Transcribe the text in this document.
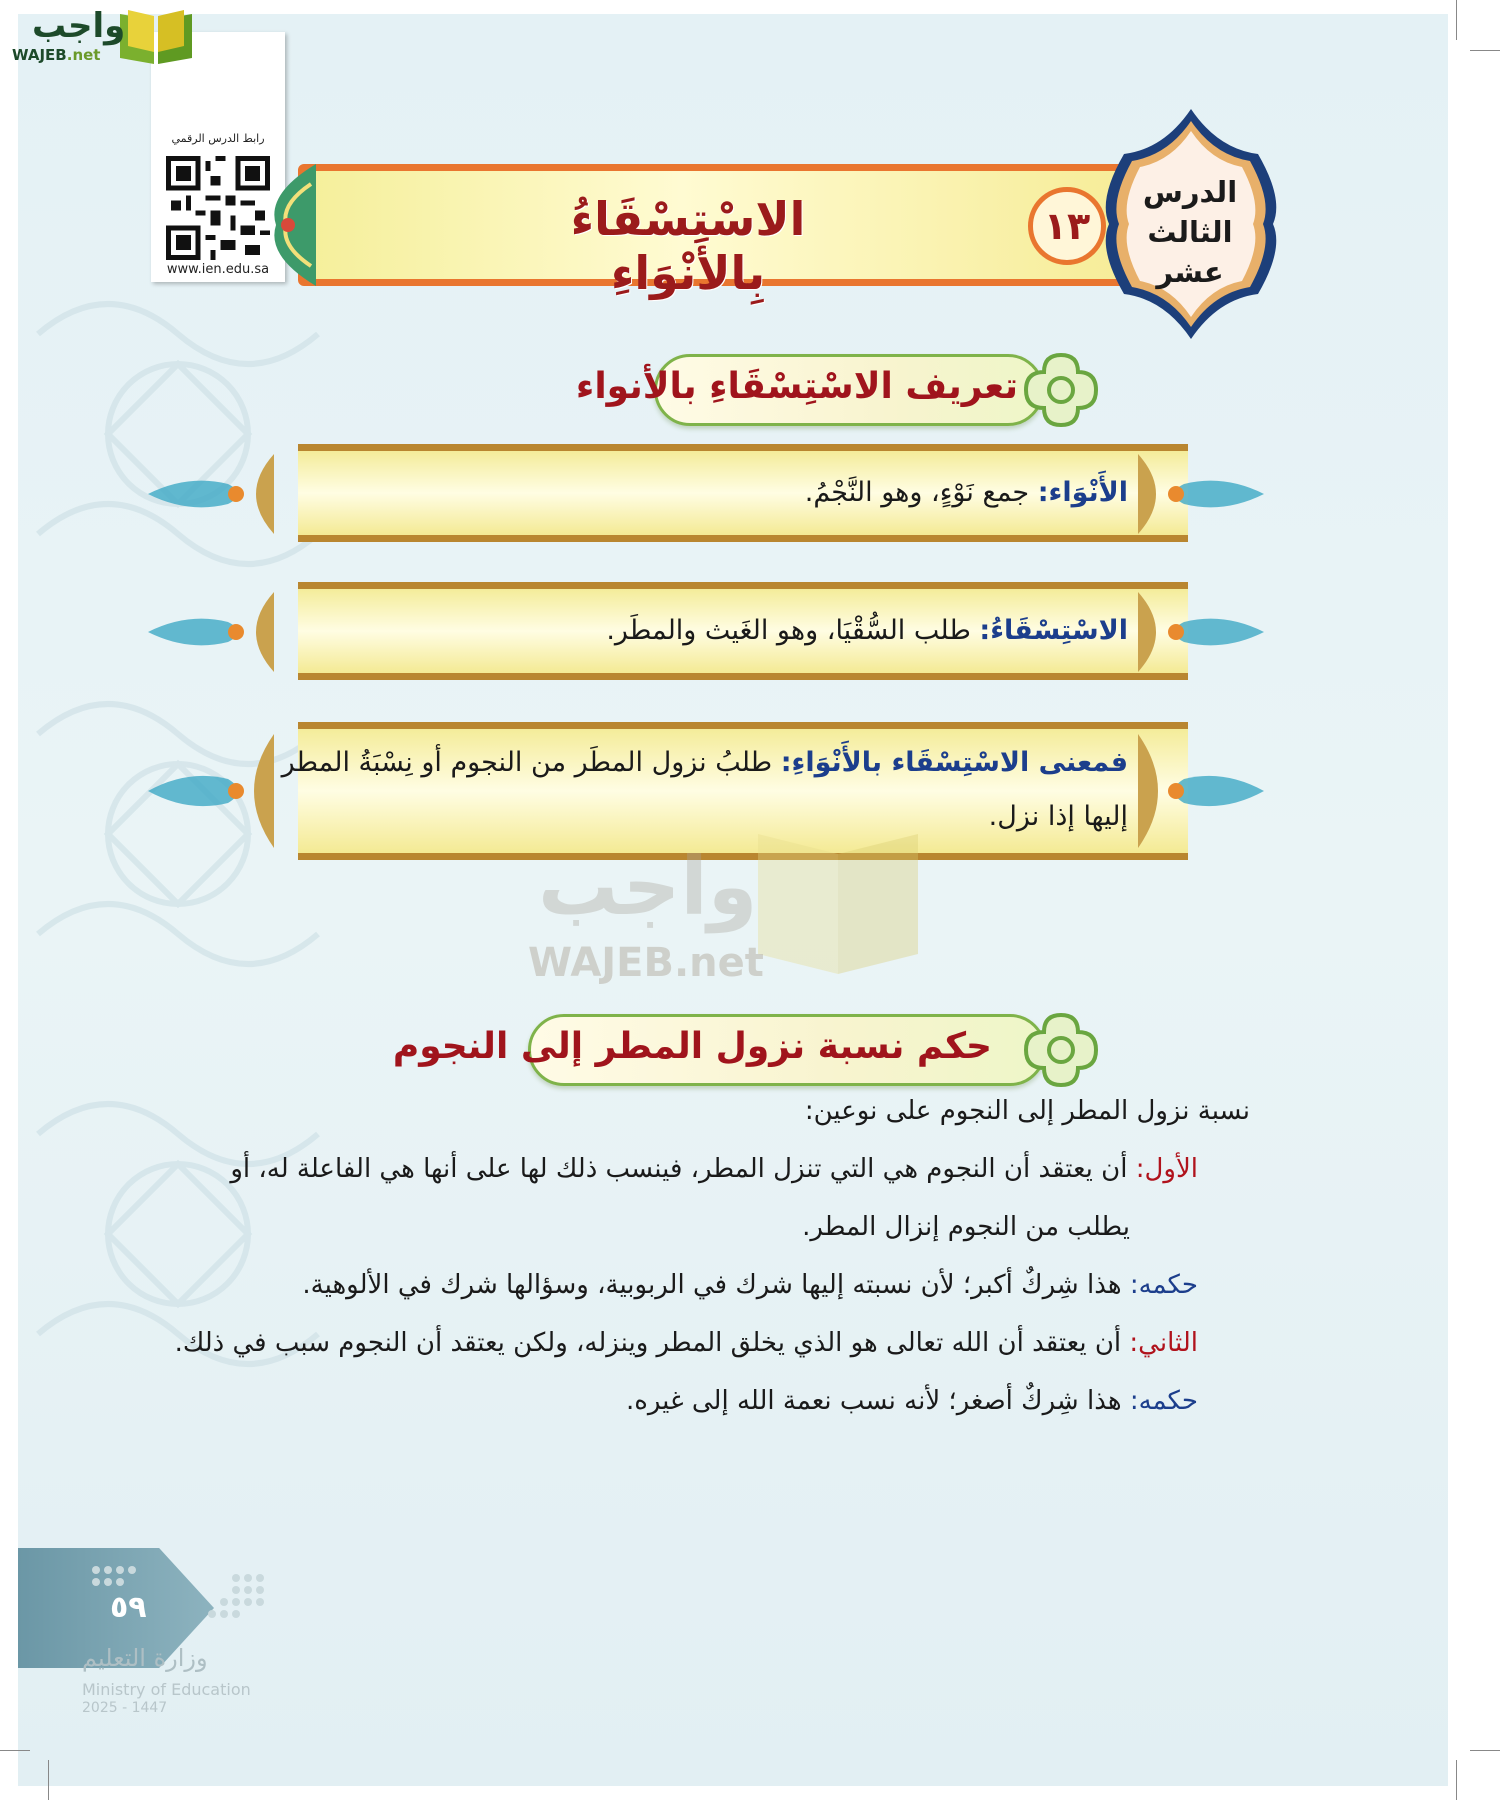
رابط الدرس الرقمي
www.ien.edu.sa
الاسْتِسْقَاءُ بِالأَنْوَاءِ
١٣
الدرس
الثالث عشر
تعريف الاسْتِسْقَاءِ بالأنواء
الأَنْوَاء: جمع نَوْءٍ، وهو النَّجْمُ.
الاسْتِسْقَاءُ: طلب السُّقْيَا، وهو الغَيث والمطَر.
فمعنى الاسْتِسْقَاء بالأَنْوَاءِ: طلبُ نزول المطَر من النجوم أو نِسْبَةُ المطر
إليها إذا نزل.
واجب
WAJEB.net
حكم نسبة نزول المطر إلى النجوم
نسبة نزول المطر إلى النجوم على نوعين:
الأول: أن يعتقد أن النجوم هي التي تنزل المطر، فينسب ذلك لها على أنها هي الفاعلة له، أو
يطلب من النجوم إنزال المطر.
حكمه: هذا شِركٌ أكبر؛ لأن نسبته إليها شرك في الربوبية، وسؤالها شرك في الألوهية.
الثاني: أن يعتقد أن الله تعالى هو الذي يخلق المطر وينزله، ولكن يعتقد أن النجوم سبب في ذلك.
حكمه: هذا شِركٌ أصغر؛ لأنه نسب نعمة الله إلى غيره.
واجب
WAJEB.net
٥٩
وزارة التعليم
Ministry of Education
2025 - 1447
